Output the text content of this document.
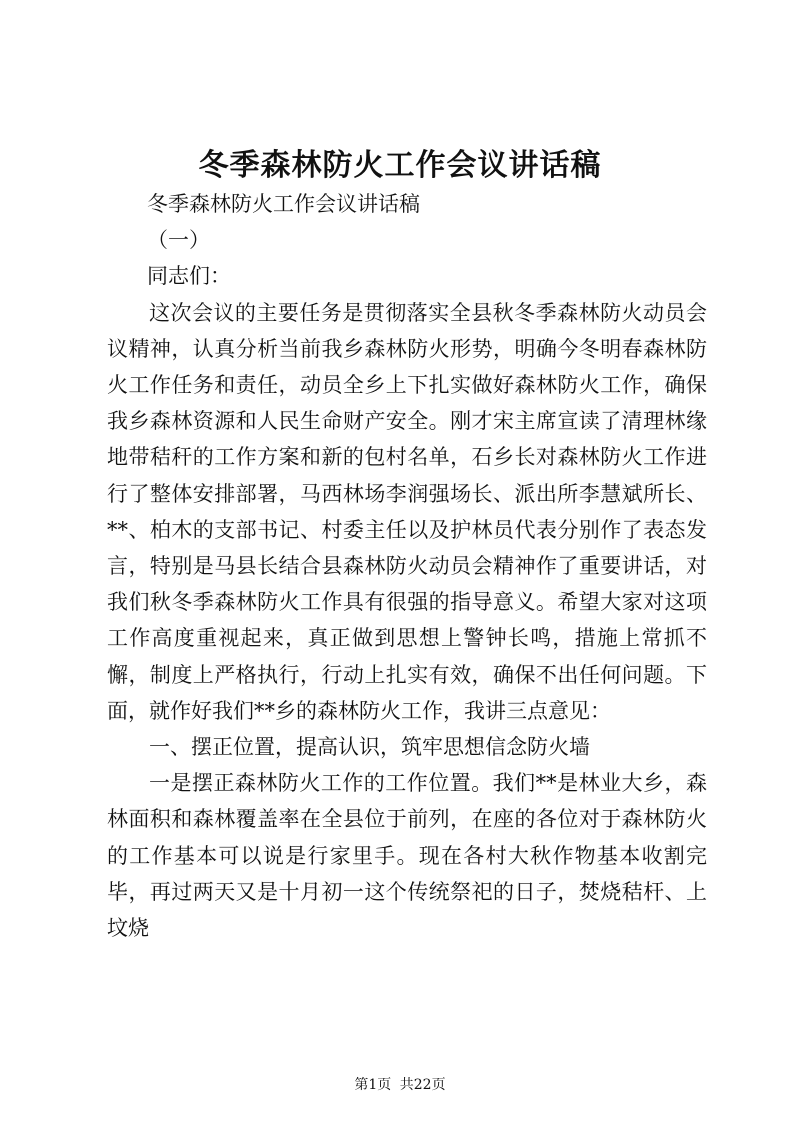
冬季森林防火工作会议讲话稿

冬季森林防火工作会议讲话稿

（一）

同志们：

这次会议的主要任务是贯彻落实全县秋冬季森林防火动员会议精神，认真分析当前我乡森林防火形势，明确今冬明春森林防火工作任务和责任，动员全乡上下扎实做好森林防火工作，确保我乡森林资源和人民生命财产安全。刚才宋主席宣读了清理林缘地带秸秆的工作方案和新的包村名单，石乡长对森林防火工作进行了整体安排部署，马西林场李润强场长、派出所李慧斌所长、**、柏木的支部书记、村委主任以及护林员代表分别作了表态发言，特别是马县长结合县森林防火动员会精神作了重要讲话，对我们秋冬季森林防火工作具有很强的指导意义。希望大家对这项工作高度重视起来，真正做到思想上警钟长鸣，措施上常抓不懈，制度上严格执行，行动上扎实有效，确保不出任何问题。下面，就作好我们**乡的森林防火工作，我讲三点意见：

一、摆正位置，提高认识，筑牢思想信念防火墙

一是摆正森林防火工作的工作位置。我们**是林业大乡，森林面积和森林覆盖率在全县位于前列，在座的各位对于森林防火的工作基本可以说是行家里手。现在各村大秋作物基本收割完毕，再过两天又是十月初一这个传统祭祀的日子，焚烧秸杆、上坟烧

第1页 共22页
